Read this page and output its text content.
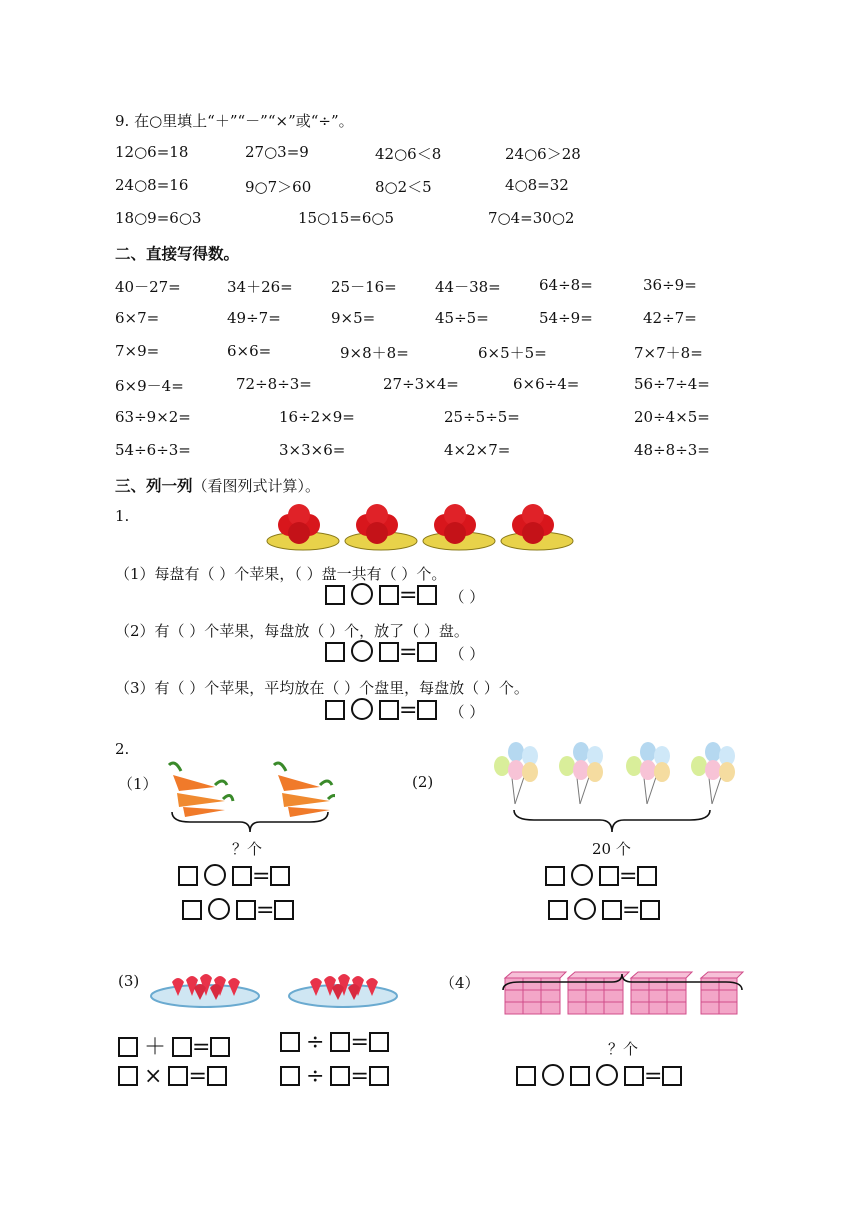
9. 在○里填上“＋”“－”“×”或“÷”。
12○6=18	27○3=9	42○6＜8	24○6＞28
24○8=16	9○7＞60	8○2＜5	4○8=32
18○9=6○3	15○15=6○5	7○4=30○2
二、直接写得数。
40－27=	34＋26=	25－16=	44－38=	64÷8=	36÷9=
6×7=	49÷7=	9×5=	45÷5=	54÷9=	42÷7=
7×9=	6×6=	9×8＋8=	6×5＋5=	7×7＋8=
6×9－4=	72÷8÷3=	27÷3×4=	6×6÷4=	56÷7÷4=
63÷9×2=	16÷2×9=	25÷5÷5=	20÷4×5=
54÷6÷3=	3×3×6=	4×2×7=	48÷8÷3=
三、列一列（看图列式计算）。
1.
（1）每盘有（ ）个苹果，（ ）盘一共有（ ）个。
= （ ）
（2）有（ ）个苹果，每盘放（ ）个，放了（ ）盘。
= （ ）
（3）有（ ）个苹果，平均放在（ ）个盘里，每盘放（ ）个。
= （ ）
2.
（1）
？个
=
=
(2)
20 个
=
=
(3)
＋ =	÷ =
× =	÷ =
（4）
？个
=
